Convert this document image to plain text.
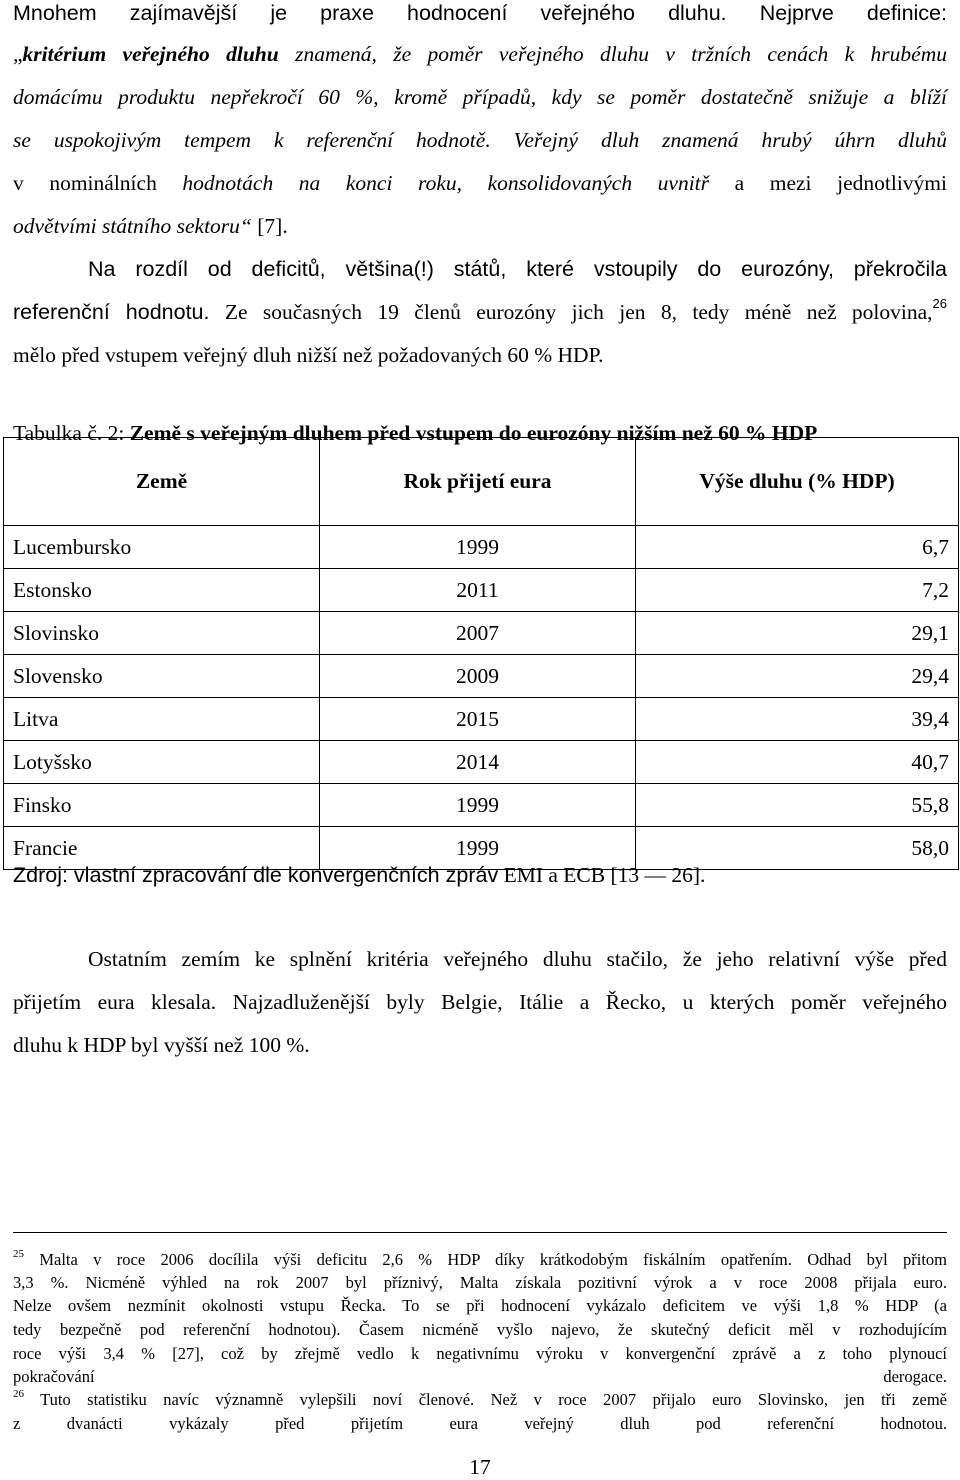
Mnohem zajímavější je praxe hodnocení veřejného dluhu. Nejprve definice:
„kritérium veřejného dluhu znamená, že poměr veřejného dluhu v tržních cenách k hrubému
domácímu produktu nepřekročí 60 %, kromě případů, kdy se poměr dostatečně snižuje a blíží
se uspokojivým tempem k referenční hodnotě. Veřejný dluh znamená hrubý úhrn dluhů
v nominálních hodnotách na konci roku, konsolidovaných uvnitř a mezi jednotlivými
odvětvími státního sektoru“ [7].
Na rozdíl od deficitů, většina(!) států, které vstoupily do eurozóny, překročila
referenční hodnotu. Ze současných 19 členů eurozóny jich jen 8, tedy méně než polovina,$^{26}$
mělo před vstupem veřejný dluh nižší než požadovaných 60 % HDP.
Tabulka č. 2: Země s veřejným dluhem před vstupem do eurozóny nižším než 60 % HDP
Země	Rok přijetí eura	Výše dluhu (% HDP)
Lucembursko	1999	6,7
Estonsko	2011	7,2
Slovinsko	2007	29,1
Slovensko	2009	29,4
Litva	2015	39,4
Lotyšsko	2014	40,7
Finsko	1999	55,8
Francie	1999	58,0
Zdroj: vlastní zpracování dle konvergenčních zpráv EMI a ECB [13 — 26].
Ostatním zemím ke splnění kritéria veřejného dluhu stačilo, že jeho relativní výše před
přijetím eura klesala. Najzadluženější byly Belgie, Itálie a Řecko, u kterých poměr veřejného
dluhu k HDP byl vyšší než 100 %.
$^{25}$ Malta v roce 2006 docílila výši deficitu 2,6 % HDP díky krátkodobým fiskálním opatřením. Odhad byl přitom
3,3 %. Nicméně výhled na rok 2007 byl příznivý, Malta získala pozitivní výrok a v roce 2008 přijala euro.
Nelze ovšem nezmínit okolnosti vstupu Řecka. To se při hodnocení vykázalo deficitem ve výši 1,8 % HDP (a
tedy bezpečně pod referenční hodnotou). Časem nicméně vyšlo najevo, že skutečný deficit měl v rozhodujícím
roce výši 3,4 % [27], což by zřejmě vedlo k negativnímu výroku v konvergenční zprávě a z toho plynoucí
pokračování derogace.
$^{26}$ Tuto statistiku navíc významně vylepšili noví členové. Než v roce 2007 přijalo euro Slovinsko, jen tři země
z dvanácti vykázaly před přijetím eura veřejný dluh pod referenční hodnotou.
17
